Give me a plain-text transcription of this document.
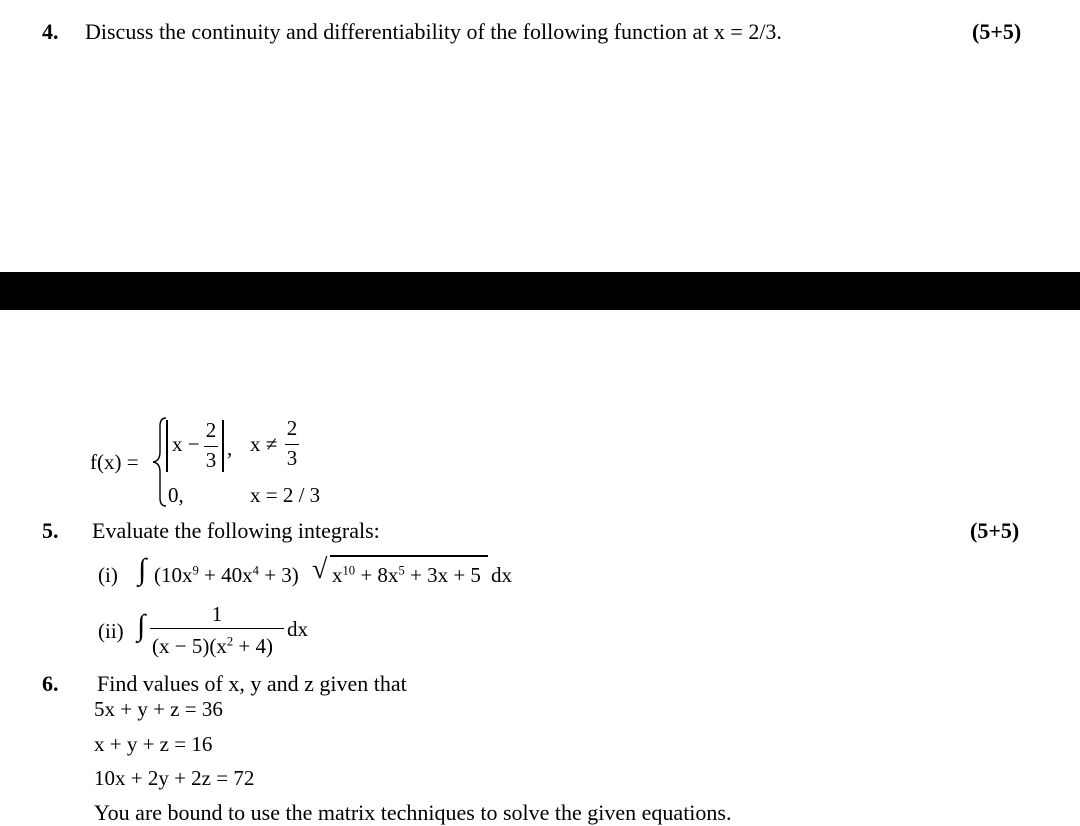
4. Discuss the continuity and differentiability of the following function at x = 2/3.	(5+5)
f(x) =
x −
2
3 , x ≠
2
3
0,	x = 2 / 3
5. Evaluate the following integrals:	(5+5)
(i) ∫ $(10x^9 + 40x^4 + 3)$ √ $x^{10} + 8x^5 + 3x + 5$ dx
(ii) ∫	1
$(x - 5)(x^2 + 4)$
dx
6. Find values of x, y and z given that
5x + y + z = 36
x + y + z = 16
10x + 2y + 2z = 72
You are bound to use the matrix techniques to solve the given equations.
